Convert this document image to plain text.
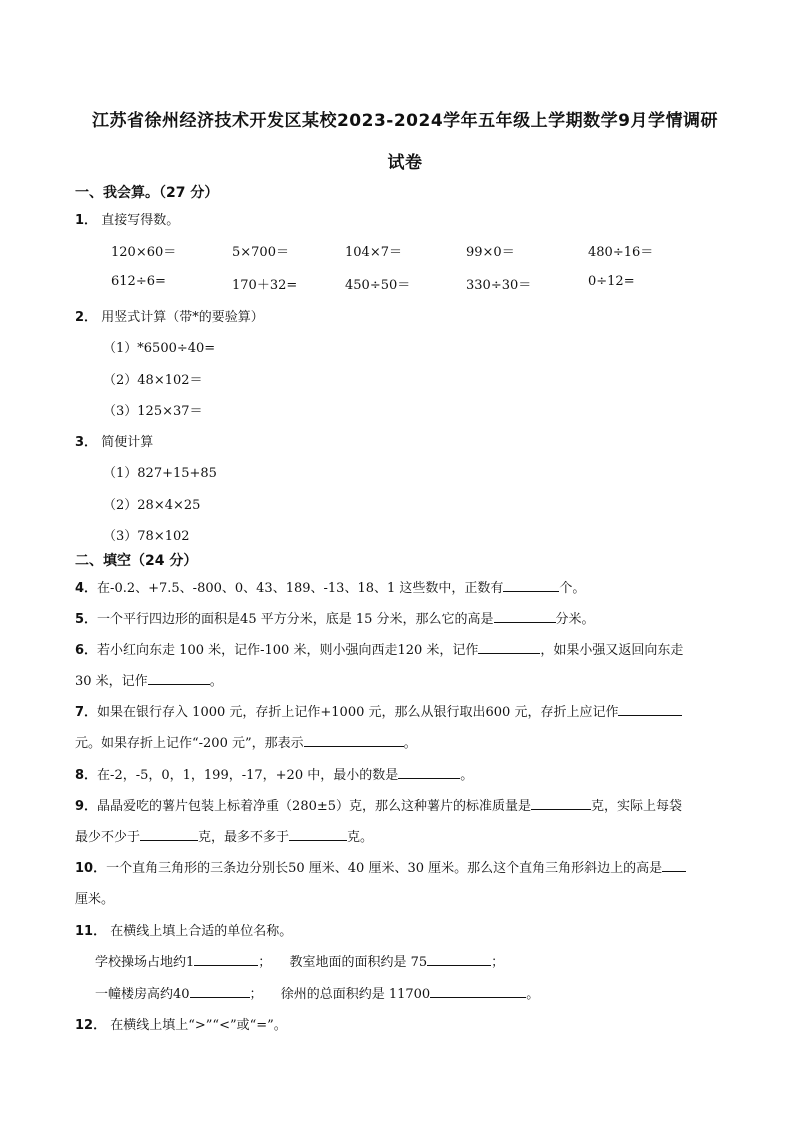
江苏省徐州经济技术开发区某校2023-2024学年五年级上学期数学9月学情调研
试卷
一、我会算。（27 分）
1． 直接写得数。
120×60＝	5×700＝	104×7＝	99×0＝	480÷16＝
612÷6=	170＋32=	450÷50＝	330÷30＝	0÷12=
2． 用竖式计算（带*的要验算）
（1）*6500÷40=
（2）48×102＝
（3）125×37＝
3． 简便计算
（1）827+15+85
（2）28×4×25
（3）78×102
二、填空（24 分）
4．在-0.2、+7.5、-800、0、43、189、-13、18、1 这些数中，正数有	个。
5．一个平行四边形的面积是45 平方分米，底是 15 分米，那么它的高是	分米。
6．若小红向东走 100 米，记作-100 米，则小强向西走120 米，记作	，如果小强又返回向东走
30 米，记作	。
7．如果在银行存入 1000 元，存折上记作+1000 元，那么从银行取出600 元，存折上应记作
元。如果存折上记作“-200 元”，那表示	。
8．在-2，-5，0，1，199，-17，+20 中，最小的数是	。
9．晶晶爱吃的薯片包装上标着净重（280±5）克，那么这种薯片的标准质量是	克，实际上每袋
最少不少于	克，最多不多于	克。
10．一个直角三角形的三条边分别长50 厘米、40 厘米、30 厘米。那么这个直角三角形斜边上的高是
厘米。
11． 在横线上填上合适的单位名称。
学校操场占地约1	； 教室地面的面积约是 75	；
一幢楼房高约40	； 徐州的总面积约是 11700	。
12． 在横线上填上“>”“<”或“=”。
